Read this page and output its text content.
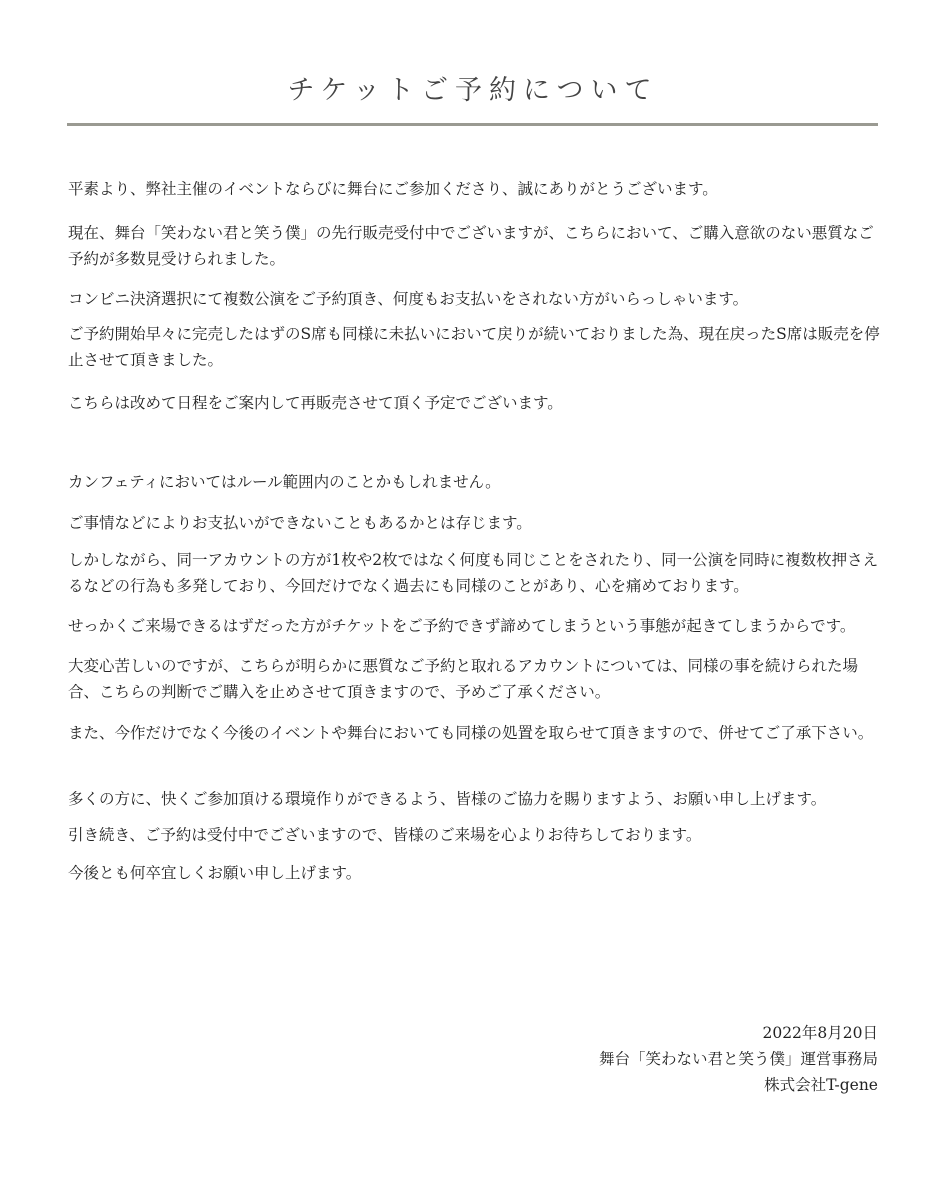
チケットご予約について

平素より、弊社主催のイベントならびに舞台にご参加くださり、誠にありがとうございます。

現在、舞台「笑わない君と笑う僕」の先行販売受付中でございますが、こちらにおいて、ご購入意欲のない悪質なご予約が多数見受けられました。

コンビニ決済選択にて複数公演をご予約頂き、何度もお支払いをされない方がいらっしゃいます。

ご予約開始早々に完売したはずのS席も同様に未払いにおいて戻りが続いておりました為、現在戻ったS席は販売を停止させて頂きました。

こちらは改めて日程をご案内して再販売させて頂く予定でございます。

カンフェティにおいてはルール範囲内のことかもしれません。

ご事情などによりお支払いができないこともあるかとは存じます。

しかしながら、同一アカウントの方が1枚や2枚ではなく何度も同じことをされたり、同一公演を同時に複数枚押さえるなどの行為も多発しており、今回だけでなく過去にも同様のことがあり、心を痛めております。

せっかくご来場できるはずだった方がチケットをご予約できず諦めてしまうという事態が起きてしまうからです。

大変心苦しいのですが、こちらが明らかに悪質なご予約と取れるアカウントについては、同様の事を続けられた場合、こちらの判断でご購入を止めさせて頂きますので、予めご了承ください。

また、今作だけでなく今後のイベントや舞台においても同様の処置を取らせて頂きますので、併せてご了承下さい。

多くの方に、快くご参加頂ける環境作りができるよう、皆様のご協力を賜りますよう、お願い申し上げます。

引き続き、ご予約は受付中でございますので、皆様のご来場を心よりお待ちしております。

今後とも何卒宜しくお願い申し上げます。

2022年8月20日
舞台「笑わない君と笑う僕」運営事務局
株式会社T-gene
